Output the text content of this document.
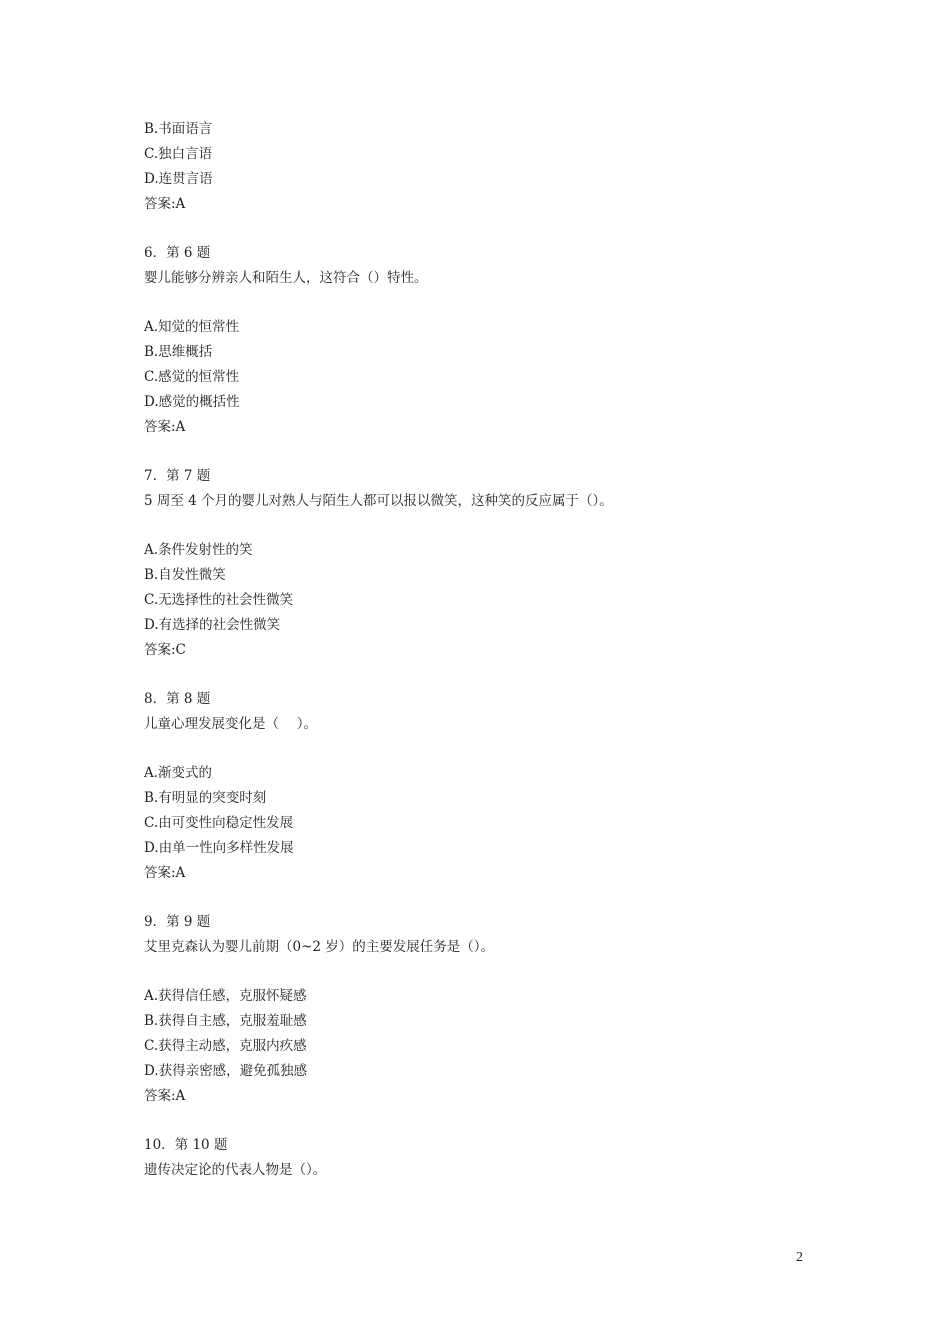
B.书面语言
C.独白言语
D.连贯言语
答案:A
6．第 6 题
婴儿能够分辨亲人和陌生人，这符合（）特性。
A.知觉的恒常性
B.思维概括
C.感觉的恒常性
D.感觉的概括性
答案:A
7．第 7 题
5 周至 4 个月的婴儿对熟人与陌生人都可以报以微笑，这种笑的反应属于（）。
A.条件发射性的笑
B.自发性微笑
C.无选择性的社会性微笑
D.有选择的社会性微笑
答案:C
8．第 8 题
儿童心理发展变化是（　 ）。
A.渐变式的
B.有明显的突变时刻
C.由可变性向稳定性发展
D.由单一性向多样性发展
答案:A
9．第 9 题
艾里克森认为婴儿前期（0~2 岁）的主要发展任务是（）。
A.获得信任感，克服怀疑感
B.获得自主感，克服羞耻感
C.获得主动感，克服内疚感
D.获得亲密感，避免孤独感
答案:A
10．第 10 题
遗传决定论的代表人物是（）。
2
